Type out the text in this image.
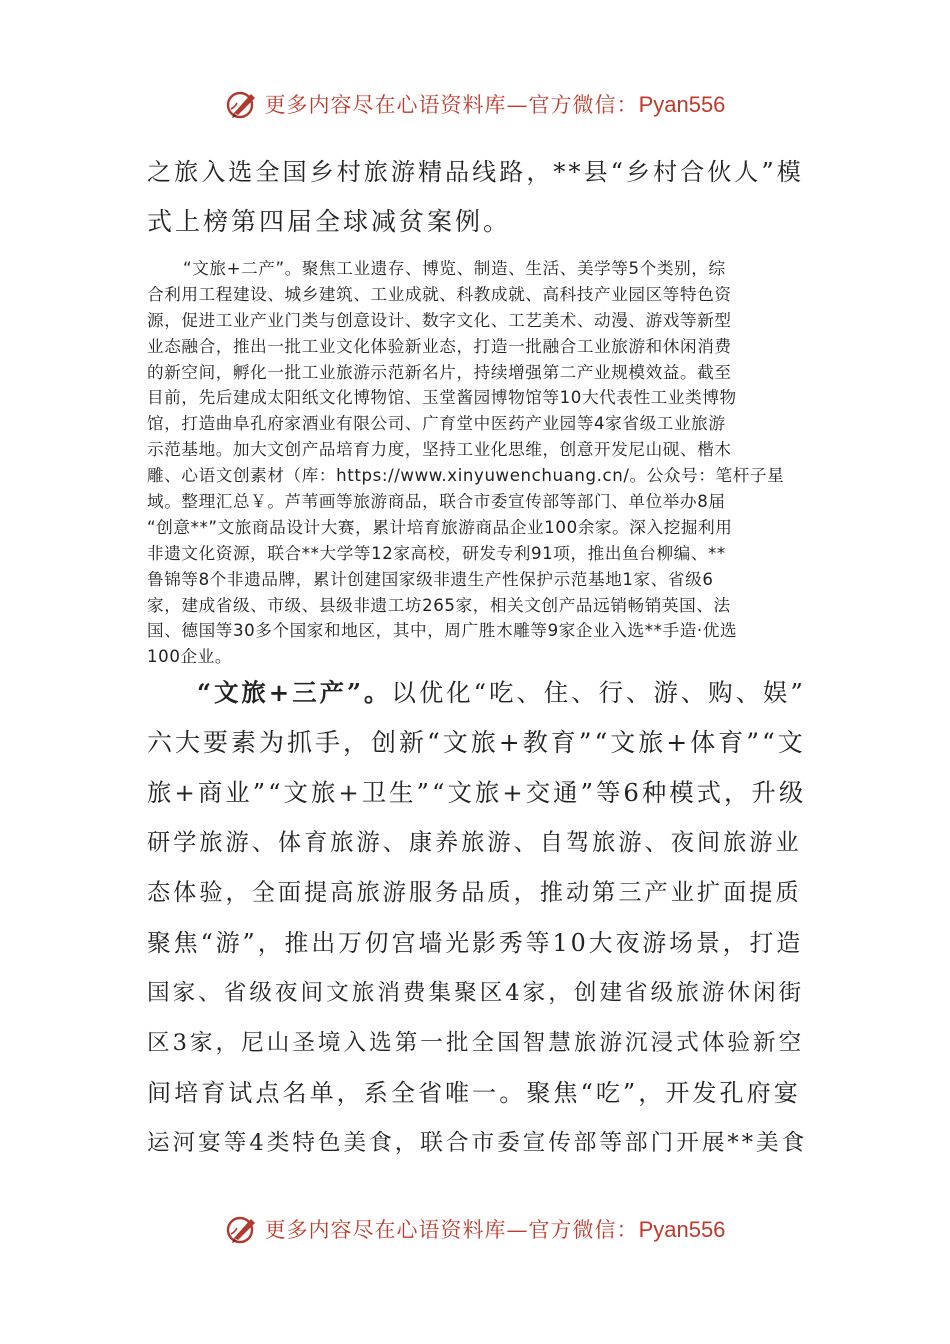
更多内容尽在心语资料库—官方微信：Pyan556
之旅入选全国乡村旅游精品线路，**县“乡村合伙人”模
式上榜第四届全球减贫案例。
“文旅+二产”。聚焦工业遗存、博览、制造、生活、美学等5个类别，综
合利用工程建设、城乡建筑、工业成就、科教成就、高科技产业园区等特色资
源，促进工业产业门类与创意设计、数字文化、工艺美术、动漫、游戏等新型
业态融合，推出一批工业文化体验新业态，打造一批融合工业旅游和休闲消费
的新空间，孵化一批工业旅游示范新名片，持续增强第二产业规模效益。截至
目前，先后建成太阳纸文化博物馆、玉堂酱园博物馆等10大代表性工业类博物
馆，打造曲阜孔府家酒业有限公司、广育堂中医药产业园等4家省级工业旅游
示范基地。加大文创产品培育力度，坚持工业化思维，创意开发尼山砚、楷木
雕、心语文创素材（库：https://www.xinyuwenchuang.cn/。公众号：笔杆子星
域。整理汇总￥。芦苇画等旅游商品，联合市委宣传部等部门、单位举办8届
“创意**”文旅商品设计大赛，累计培育旅游商品企业100余家。深入挖掘利用
非遗文化资源，联合**大学等12家高校，研发专利91项，推出鱼台柳编、**
鲁锦等8个非遗品牌，累计创建国家级非遗生产性保护示范基地1家、省级6
家，建成省级、市级、县级非遗工坊265家，相关文创产品远销畅销英国、法
国、德国等30多个国家和地区，其中，周广胜木雕等9家企业入选**手造·优选
100企业。
“文旅+三产”。以优化“吃、住、行、游、购、娱”
六大要素为抓手，创新“文旅+教育”“文旅+体育”“文
旅+商业”“文旅+卫生”“文旅+交通”等6种模式，升级
研学旅游、体育旅游、康养旅游、自驾旅游、夜间旅游业
态体验，全面提高旅游服务品质，推动第三产业扩面提质
聚焦“游”，推出万仞宫墙光影秀等10大夜游场景，打造
国家、省级夜间文旅消费集聚区4家，创建省级旅游休闲街
区3家，尼山圣境入选第一批全国智慧旅游沉浸式体验新空
间培育试点名单，系全省唯一。聚焦“吃”，开发孔府宴
运河宴等4类特色美食，联合市委宣传部等部门开展**美食
更多内容尽在心语资料库—官方微信：Pyan556
